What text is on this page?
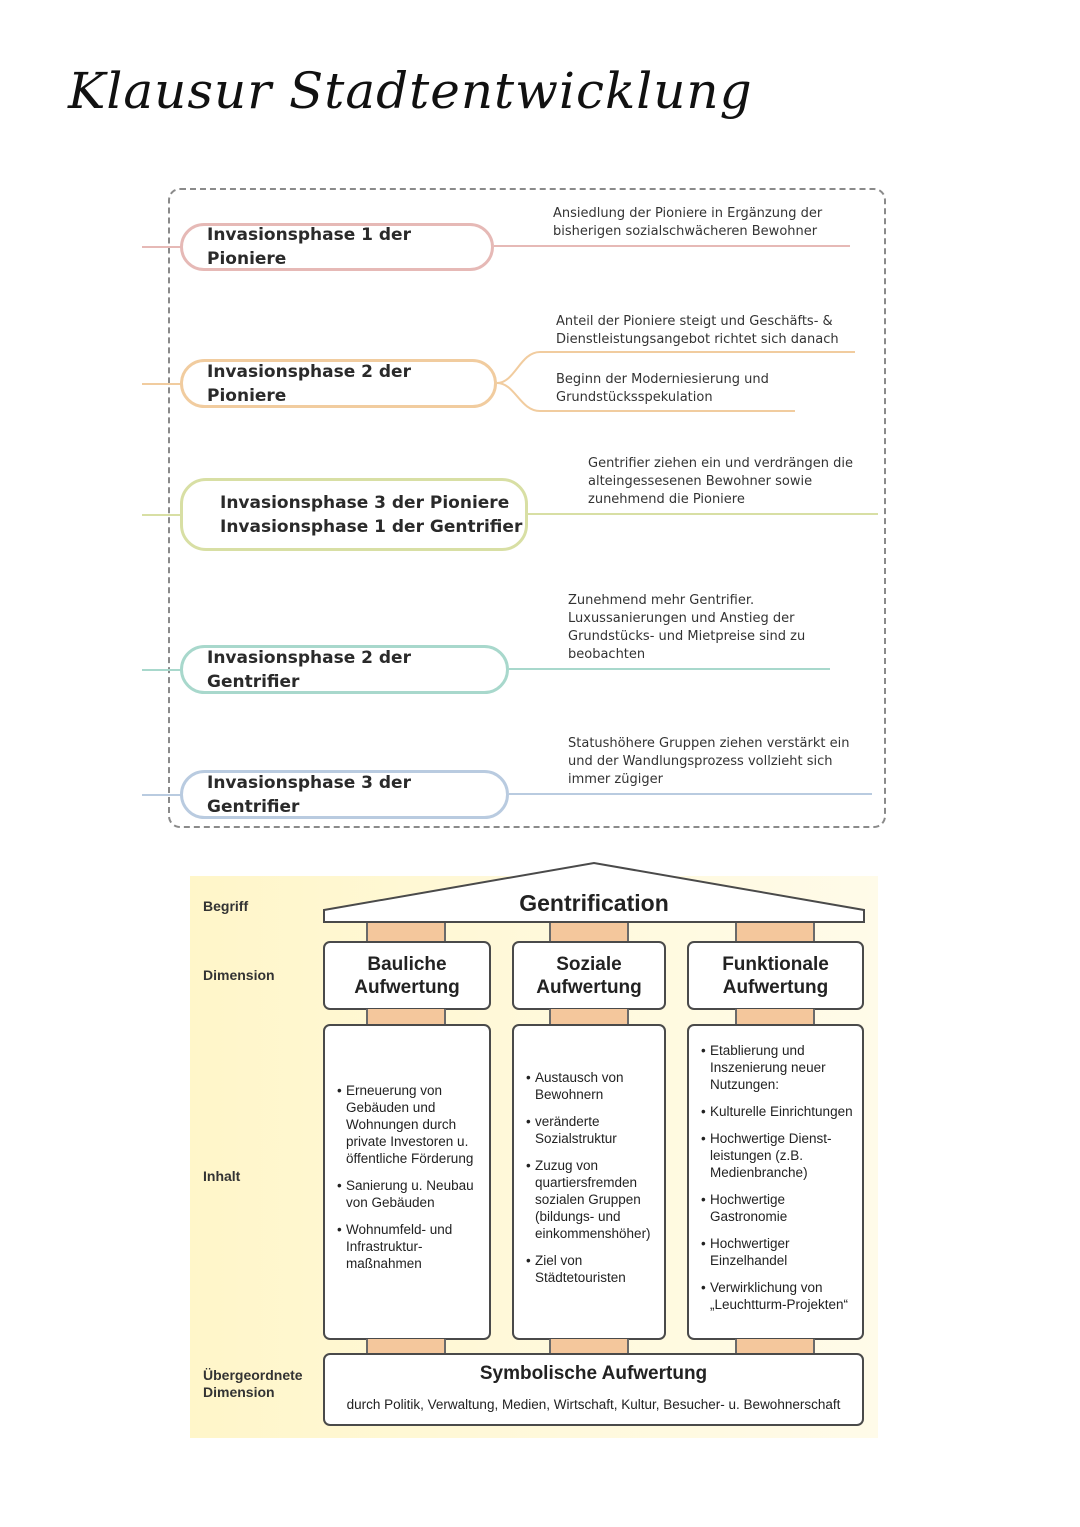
Klausur Stadtentwicklung
Invasionsphase 1 der Pioniere
Invasionsphase 2 der Pioniere
Invasionsphase 3 der Pioniere
Invasionsphase 1 der Gentrifier
Invasionsphase 2 der Gentrifier
Invasionsphase 3 der Gentrifier
Ansiedlung der Pioniere in Ergänzung der
bisherigen sozialschwächeren Bewohner
Anteil der Pioniere steigt und Geschäfts- &
Dienstleistungsangebot richtet sich danach
Beginn der Moderniesierung und
Grundstücksspekulation
Gentrifier ziehen ein und verdrängen die
alteingessesenen Bewohner sowie
zunehmend die Pioniere
Zunehmend mehr Gentrifier.
Luxussanierungen und Anstieg der
Grundstücks- und Mietpreise sind zu
beobachten
Statushöhere Gruppen ziehen verstärkt ein
und der Wandlungsprozess vollzieht sich
immer zügiger
Begriff
Dimension
Inhalt
Übergeordnete
Dimension
Gentrification
Bauliche
Aufwertung
Soziale
Aufwertung
Funktionale
Aufwertung
• Erneuerung von Gebäuden und Wohnungen durch private Investoren u. öffentliche Förderung
• Sanierung u. Neubau von Gebäuden
• Wohnumfeld- und Infrastruktur-maßnahmen
• Austausch von Bewohnern
• veränderte Sozialstruktur
• Zuzug von quartiersfremden sozialen Gruppen (bildungs- und einkommenshöher)
• Ziel von Städtetouristen
• Etablierung und Inszenierung neuer Nutzungen:
• Kulturelle Einrichtungen
• Hochwertige Dienst-leistungen (z.B. Medienbranche)
• Hochwertige Gastronomie
• Hochwertiger Einzelhandel
• Verwirklichung von „Leuchtturm-Projekten“
Symbolische Aufwertung
durch Politik, Verwaltung, Medien, Wirtschaft, Kultur, Besucher- u. Bewohnerschaft
